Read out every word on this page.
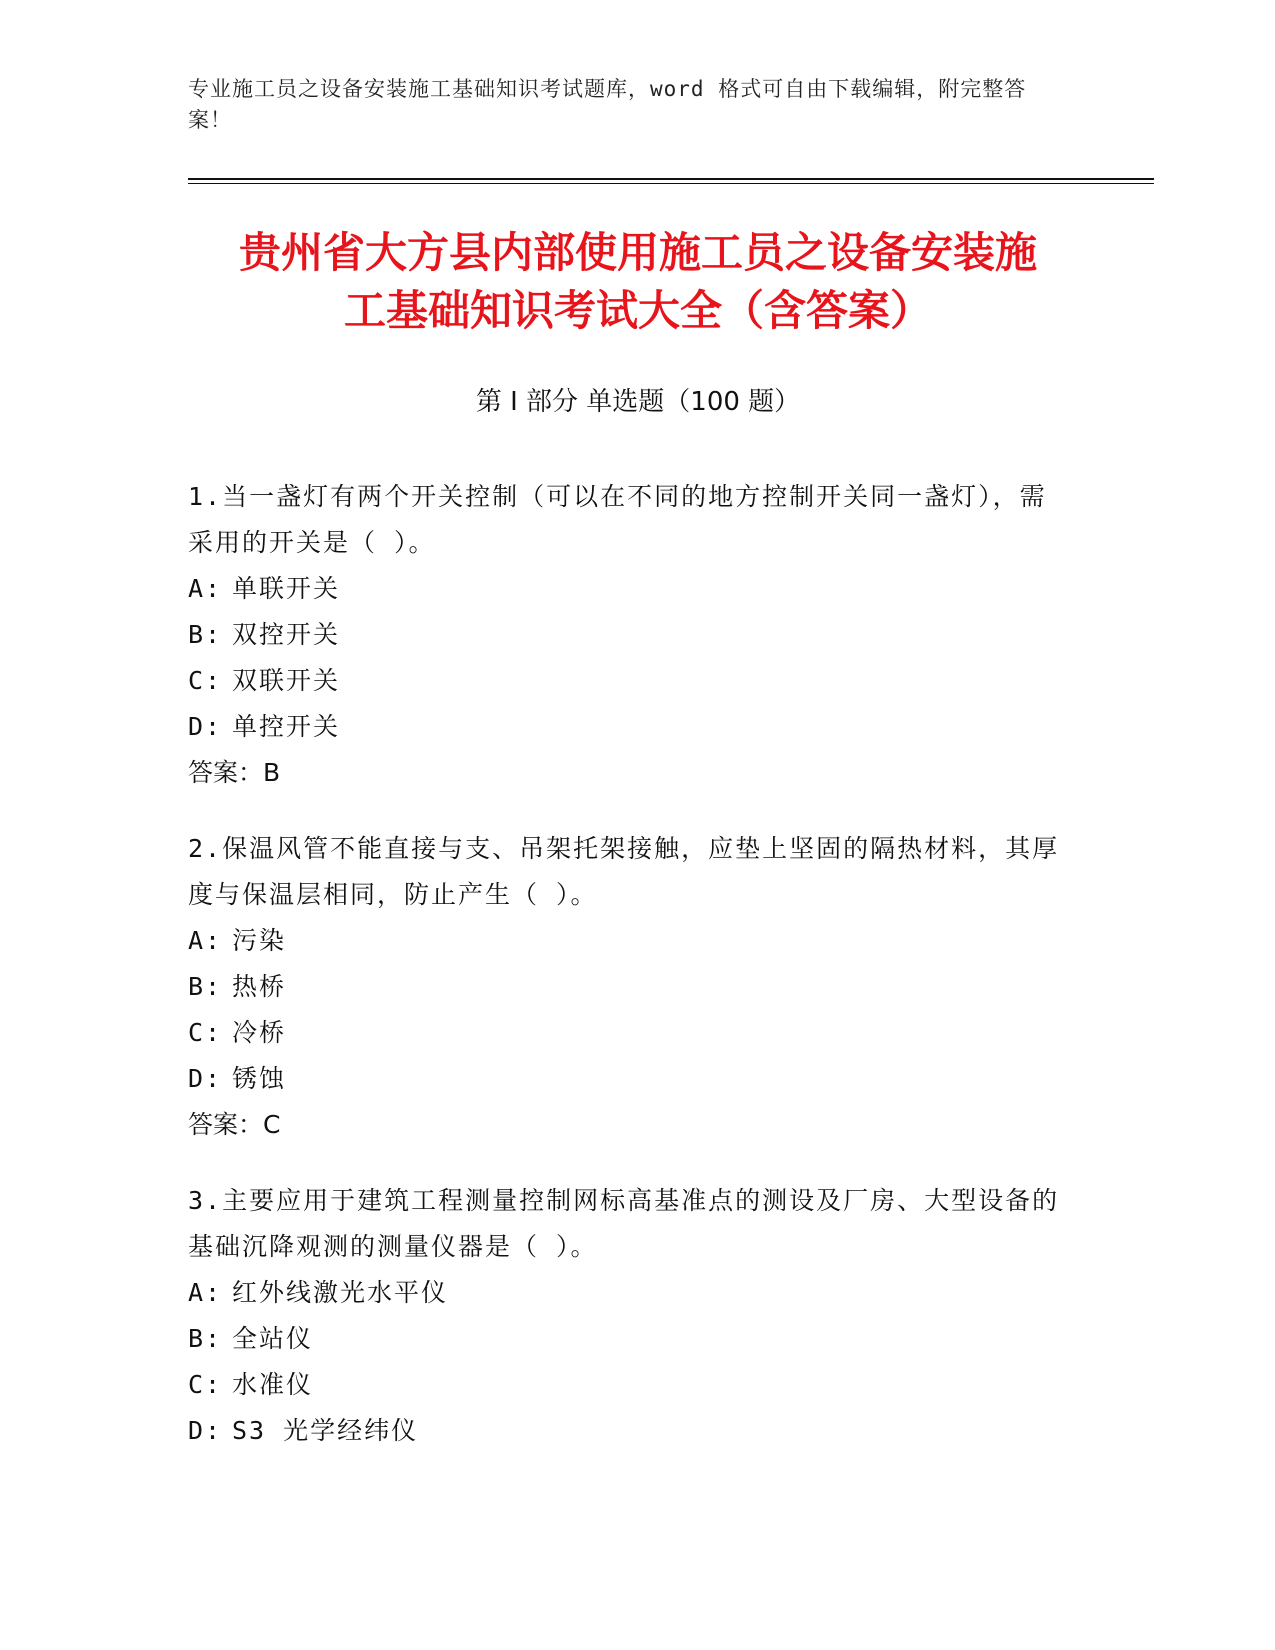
专业施工员之设备安装施工基础知识考试题库，word 格式可自由下载编辑，附完整答案！
贵州省大方县内部使用施工员之设备安装施
工基础知识考试大全（含答案）
第 I 部分 单选题（100 题）
1.当一盏灯有两个开关控制（可以在不同的地方控制开关同一盏灯），需采用的开关是（ ）。
A: 单联开关
B: 双控开关
C: 双联开关
D: 单控开关
答案：B
2.保温风管不能直接与支、吊架托架接触，应垫上坚固的隔热材料，其厚度与保温层相同，防止产生（ ）。
A: 污染
B: 热桥
C: 冷桥
D: 锈蚀
答案：C
3.主要应用于建筑工程测量控制网标高基准点的测设及厂房、大型设备的基础沉降观测的测量仪器是（ ）。
A: 红外线激光水平仪
B: 全站仪
C: 水准仪
D: S3 光学经纬仪
